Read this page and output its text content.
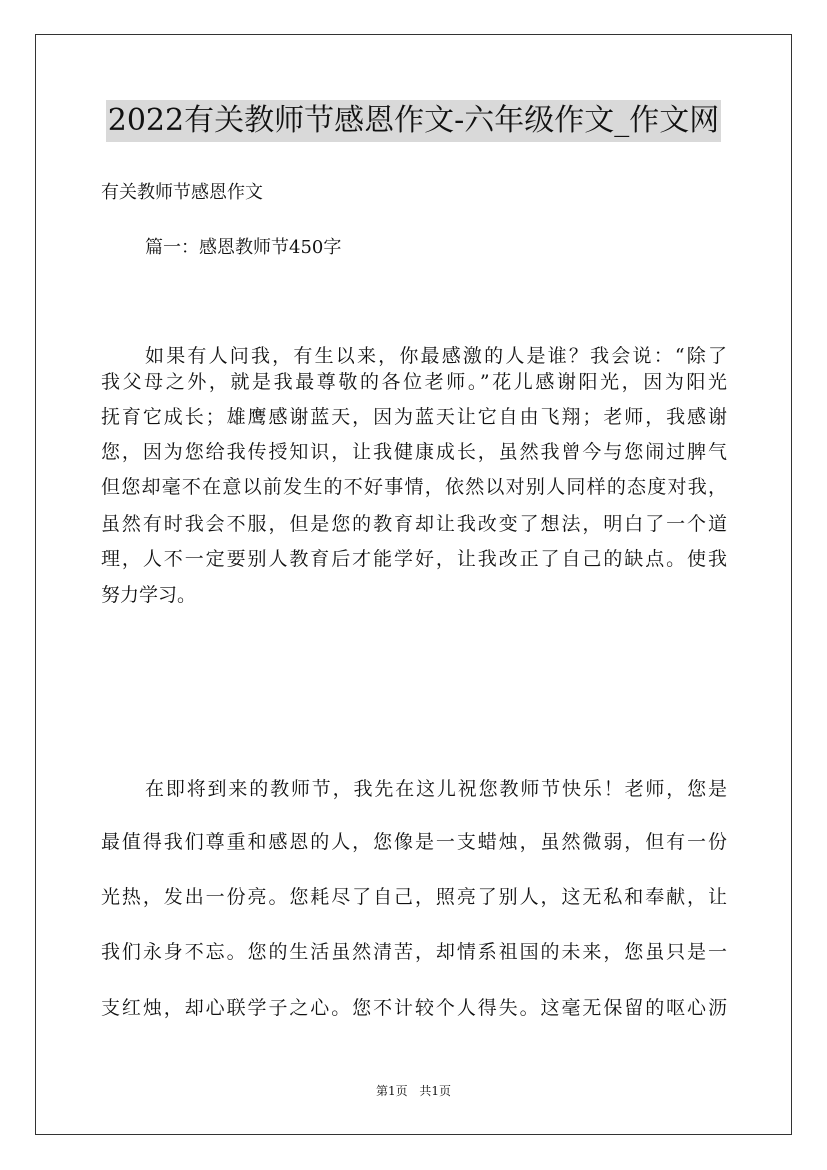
2022有关教师节感恩作文-六年级作文_作文网
有关教师节感恩作文
篇一：感恩教师节450字
如果有人问我，有生以来，你最感激的人是谁？我会说：“除了
我父母之外，就是我最尊敬的各位老师。”花儿感谢阳光，因为阳光
抚育它成长；雄鹰感谢蓝天，因为蓝天让它自由飞翔；老师，我感谢
您，因为您给我传授知识，让我健康成长，虽然我曾今与您闹过脾气
但您却毫不在意以前发生的不好事情，依然以对别人同样的态度对我，
虽然有时我会不服，但是您的教育却让我改变了想法，明白了一个道
理，人不一定要别人教育后才能学好，让我改正了自己的缺点。使我
努力学习。
在即将到来的教师节，我先在这儿祝您教师节快乐！老师，您是
最值得我们尊重和感恩的人，您像是一支蜡烛，虽然微弱，但有一份
光热，发出一份亮。您耗尽了自己，照亮了别人，这无私和奉献，让
我们永身不忘。您的生活虽然清苦，却情系祖国的未来，您虽只是一
支红烛，却心联学子之心。您不计较个人得失。这毫无保留的呕心沥
第1页 共1页
